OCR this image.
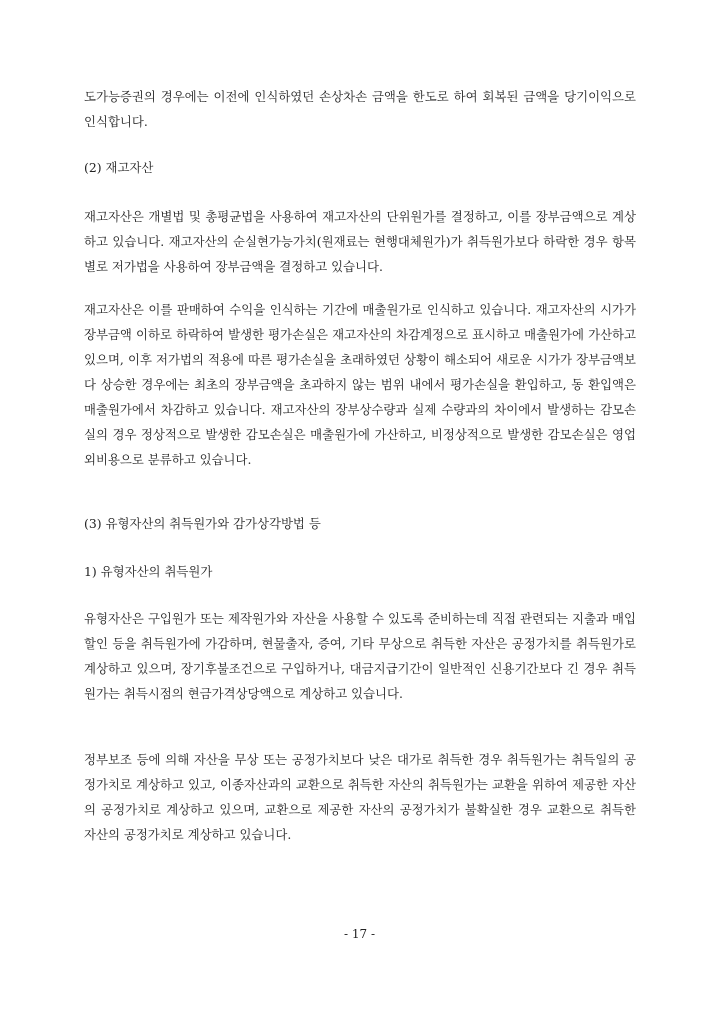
도가능증권의 경우에는 이전에 인식하였던 손상차손 금액을 한도로 하여 회복된 금액을 당기이익으로 인식합니다.

(2) 재고자산

재고자산은 개별법 및 총평균법을 사용하여 재고자산의 단위원가를 결정하고, 이를 장부금액으로 계상하고 있습니다. 재고자산의 순실현가능가치(원재료는 현행대체원가)가 취득원가보다 하락한 경우 항목별로 저가법을 사용하여 장부금액을 결정하고 있습니다.

재고자산은 이를 판매하여 수익을 인식하는 기간에 매출원가로 인식하고 있습니다. 재고자산의 시가가 장부금액 이하로 하락하여 발생한 평가손실은 재고자산의 차감계정으로 표시하고 매출원가에 가산하고 있으며, 이후 저가법의 적용에 따른 평가손실을 초래하였던 상황이 해소되어 새로운 시가가 장부금액보다 상승한 경우에는 최초의 장부금액을 초과하지 않는 범위 내에서 평가손실을 환입하고, 동 환입액은 매출원가에서 차감하고 있습니다. 재고자산의 장부상수량과 실제 수량과의 차이에서 발생하는 감모손실의 경우 정상적으로 발생한 감모손실은 매출원가에 가산하고, 비정상적으로 발생한 감모손실은 영업외비용으로 분류하고 있습니다.

(3) 유형자산의 취득원가와 감가상각방법 등

1) 유형자산의 취득원가

유형자산은 구입원가 또는 제작원가와 자산을 사용할 수 있도록 준비하는데 직접 관련되는 지출과 매입할인 등을 취득원가에 가감하며, 현물출자, 증여, 기타 무상으로 취득한 자산은 공정가치를 취득원가로 계상하고 있으며, 장기후불조건으로 구입하거나, 대금지급기간이 일반적인 신용기간보다 긴 경우 취득원가는 취득시점의 현금가격상당액으로 계상하고 있습니다.

정부보조 등에 의해 자산을 무상 또는 공정가치보다 낮은 대가로 취득한 경우 취득원가는 취득일의 공정가치로 계상하고 있고, 이종자산과의 교환으로 취득한 자산의 취득원가는 교환을 위하여 제공한 자산의 공정가치로 계상하고 있으며, 교환으로 제공한 자산의 공정가치가 불확실한 경우 교환으로 취득한 자산의 공정가치로 계상하고 있습니다.

- 17 -
